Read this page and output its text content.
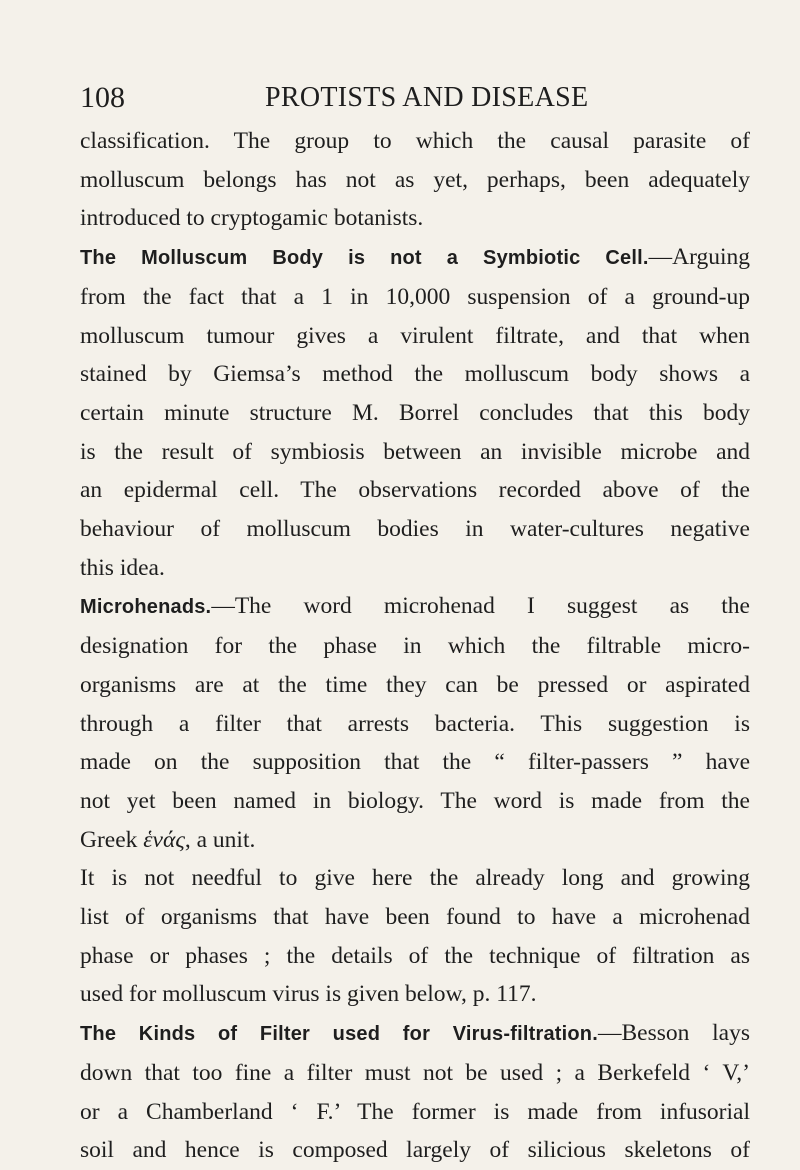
108	PROTISTS AND DISEASE

classification. The group to which the causal parasite of
molluscum belongs has not as yet, perhaps, been adequately
introduced to cryptogamic botanists.

The Molluscum Body is not a Symbiotic Cell.—Arguing
from the fact that a 1 in 10,000 suspension of a ground-up
molluscum tumour gives a virulent filtrate, and that when
stained by Giemsa’s method the molluscum body shows a
certain minute structure M. Borrel concludes that this body
is the result of symbiosis between an invisible microbe and
an epidermal cell. The observations recorded above of the
behaviour of molluscum bodies in water-cultures negative
this idea.

Microhenads.—The word microhenad I suggest as the
designation for the phase in which the filtrable micro-
organisms are at the time they can be pressed or aspirated
through a filter that arrests bacteria. This suggestion is
made on the supposition that the “ filter-passers ” have
not yet been named in biology. The word is made from the
Greek ἑνάς, a unit.

It is not needful to give here the already long and growing
list of organisms that have been found to have a microhenad
phase or phases ; the details of the technique of filtration as
used for molluscum virus is given below, p. 117.

The Kinds of Filter used for Virus-filtration.—Besson lays
down that too fine a filter must not be used ; a Berkefeld ‘ V,’
or a Chamberland ‘ F.’ The former is made from infusorial
soil and hence is composed largely of silicious skeletons of
